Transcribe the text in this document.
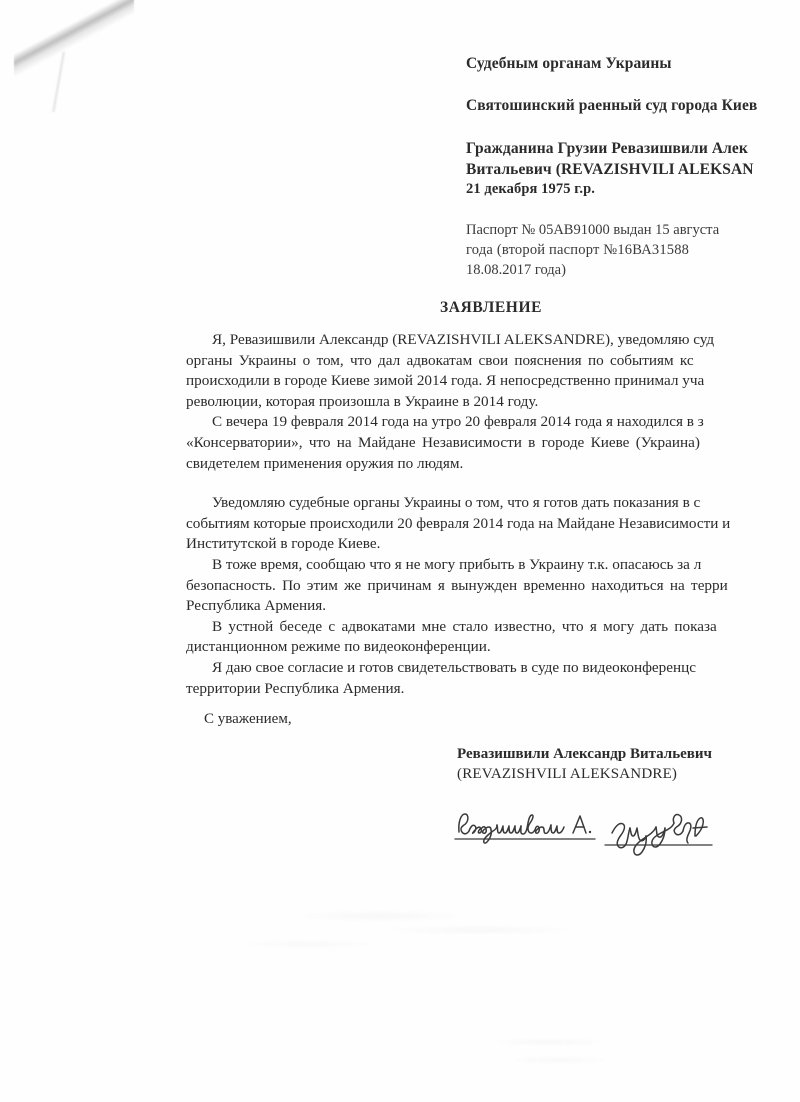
Судебным органам Украины
Святошинский раенный суд города Киев
Гражданина Грузии Ревазишвили Алек
Витальевич (REVAZISHVILI ALEKSAN
21 декабря 1975 г.р.
Паспорт № 05АВ91000 выдан 15 августа
года (второй паспорт №16ВА31588
18.08.2017 года)
ЗАЯВЛЕНИЕ

Я, Ревазишвили Александр (REVAZISHVILI ALEKSANDRE), уведомляю суд

органы Украины о том, что дал адвокатам свои пояснения по событиям кс

происходили в городе Киеве зимой 2014 года. Я непосредственно принимал уча

революции, которая произошла в Украине в 2014 году.

С вечера 19 февраля 2014 года на утро 20 февраля 2014 года я находился в з

«Консерватории», что на Майдане Независимости в городе Киеве (Украина)

свидетелем применения оружия по людям.

Уведомляю судебные органы Украины о том, что я готов дать показания в с

событиям которые происходили 20 февраля 2014 года на Майдане Независимости и

Институтской в городе Киеве.

В тоже время, сообщаю что я не могу прибыть в Украину т.к. опасаюсь за л

безопасность. По этим же причинам я вынужден временно находиться на терри

Республика Армения.

В устной беседе с адвокатами мне стало известно, что я могу дать показа

дистанционном режиме по видеоконференции.

Я даю свое согласие и готов свидетельствовать в суде по видеоконференцс

территории Республика Армения.

С уважением,
Ревазишвили Александр Витальевич
(REVAZISHVILI ALEKSANDRE)
